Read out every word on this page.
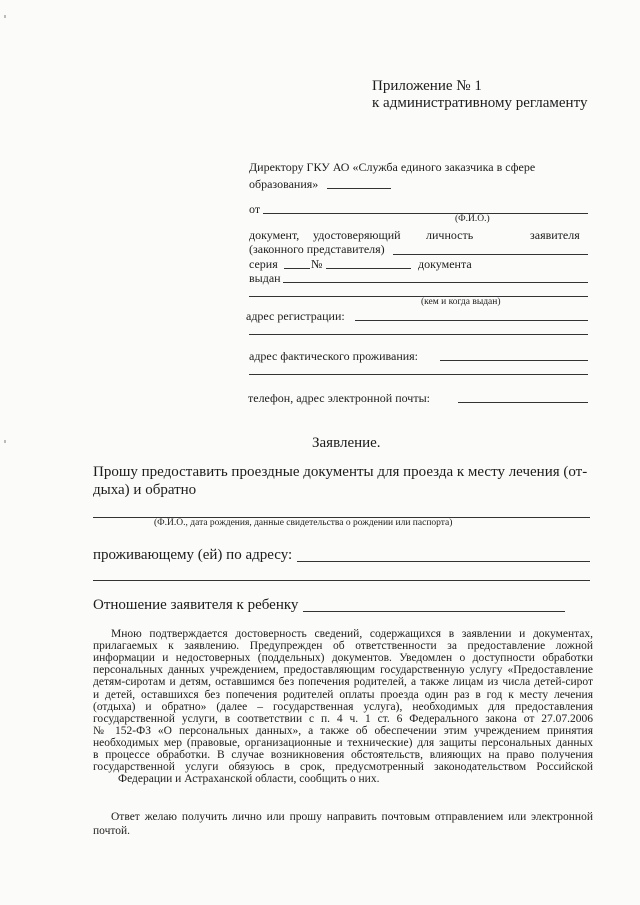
Приложение № 1
к административному регламенту
Директору ГКУ АО «Служба единого заказчика в сфере
образования»
от
(Ф.И.О.)
документ, удостоверяющий личность	заявителя
(законного представителя)
серия	№	документа
выдан
(кем и когда выдан)
адрес регистрации:
адрес фактического проживания:
телефон, адрес электронной почты:
Заявление.
Прошу предоставить проездные документы для проезда к месту лечения (от-
дыха) и обратно
(Ф.И.О., дата рождения, данные свидетельства о рождении или паспорта)
проживающему (ей) по адресу:
Отношение заявителя к ребенку
Мною подтверждается достоверность сведений, содержащихся в заявлении и документах,
прилагаемых к заявлению. Предупрежден об ответственности за предоставление ложной
информации и недостоверных (поддельных) документов. Уведомлен о доступности обработки
персональных данных учреждением, предоставляющим государственную услугу «Предоставление
детям-сиротам и детям, оставшимся без попечения родителей, а также лицам из числа детей-сирот
и детей, оставшихся без попечения родителей оплаты проезда один раз в год к месту лечения
(отдыха) и обратно» (далее – государственная услуга), необходимых для предоставления
государственной услуги, в соответствии с п. 4 ч. 1 ст. 6 Федерального закона от 27.07.2006
№ 152-ФЗ «О персональных данных», а также об обеспечении этим учреждением принятия
необходимых мер (правовые, организационные и технические) для защиты персональных данных
в процессе обработки. В случае возникновения обстоятельств, влияющих на право получения
государственной услуги обязуюсь в срок, предусмотренный законодательством Российской
Федерации и Астраханской области, сообщить о них.
Ответ желаю получить лично или прошу направить почтовым отправлением или электронной
почтой.
